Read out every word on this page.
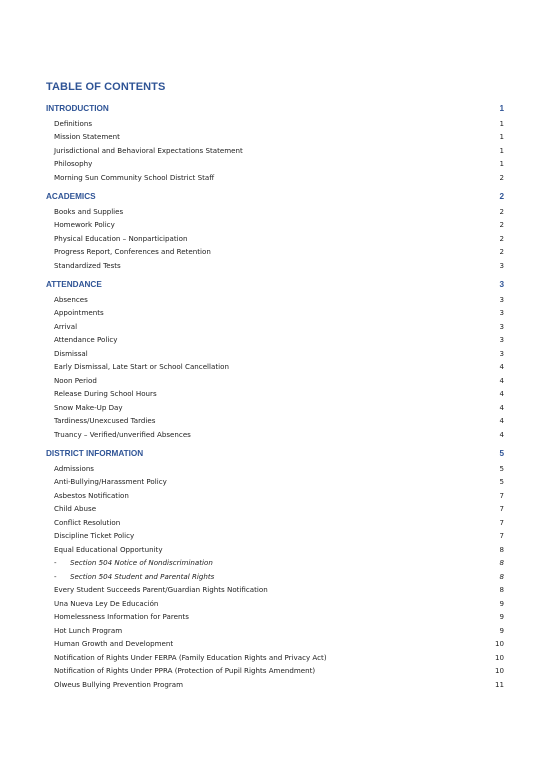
TABLE OF CONTENTS
INTRODUCTION	1
Definitions	1
Mission Statement	1
Jurisdictional and Behavioral Expectations Statement	1
Philosophy	1
Morning Sun Community School District Staff	2
ACADEMICS	2
Books and Supplies	2
Homework Policy	2
Physical Education – Nonparticipation	2
Progress Report, Conferences and Retention	2
Standardized Tests	3
ATTENDANCE	3
Absences	3
Appointments	3
Arrival	3
Attendance Policy	3
Dismissal	3
Early Dismissal, Late Start or School Cancellation	4
Noon Period	4
Release During School Hours	4
Snow Make-Up Day	4
Tardiness/Unexcused Tardies	4
Truancy – Verified/unverified Absences	4
DISTRICT INFORMATION	5
Admissions	5
Anti-Bullying/Harassment Policy	5
Asbestos Notification	7
Child Abuse	7
Conflict Resolution	7
Discipline Ticket Policy	7
Equal Educational Opportunity	8
- Section 504 Notice of Nondiscrimination	8
- Section 504 Student and Parental Rights	8
Every Student Succeeds Parent/Guardian Rights Notification	8
Una Nueva Ley De Educación	9
Homelessness Information for Parents	9
Hot Lunch Program	9
Human Growth and Development	10
Notification of Rights Under FERPA (Family Education Rights and Privacy Act)	10
Notification of Rights Under PPRA (Protection of Pupil Rights Amendment)	10
Olweus Bullying Prevention Program	11
